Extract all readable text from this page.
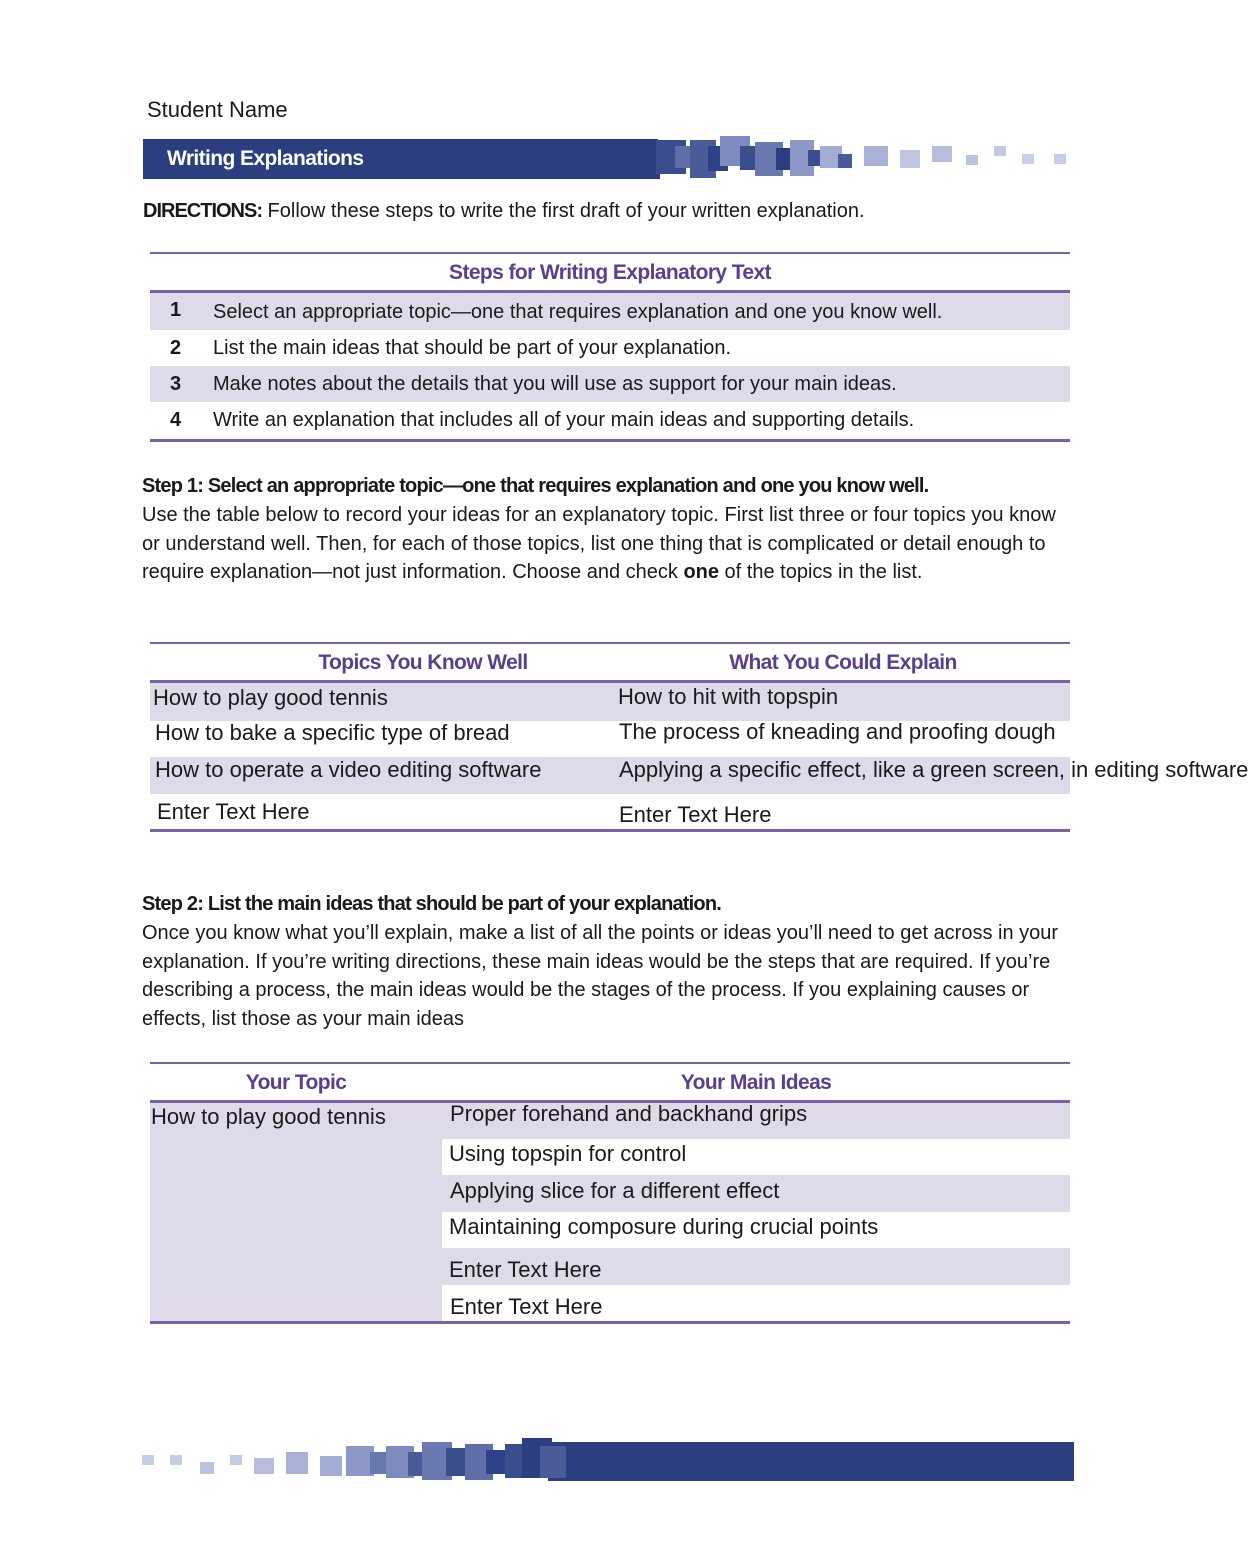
Student Name
Writing Explanations
DIRECTIONS: Follow these steps to write the first draft of your written explanation.
Steps for Writing Explanatory Text
1 Select an appropriate topic—one that requires explanation and one you know well.
2 List the main ideas that should be part of your explanation.
3 Make notes about the details that you will use as support for your main ideas.
4 Write an explanation that includes all of your main ideas and supporting details.
Step 1: Select an appropriate topic—one that requires explanation and one you know well.
Use the table below to record your ideas for an explanatory topic. First list three or four topics you know or understand well. Then, for each of those topics, list one thing that is complicated or detail enough to require explanation—not just information. Choose and check one of the topics in the list.
Topics You Know Well	What You Could Explain
How to play good tennis	How to hit with topspin
How to bake a specific type of bread	The process of kneading and proofing dough
How to operate a video editing software	Applying a specific effect, like a green screen, in editing software
Enter Text Here	Enter Text Here
Step 2: List the main ideas that should be part of your explanation.
Once you know what you’ll explain, make a list of all the points or ideas you’ll need to get across in your explanation. If you’re writing directions, these main ideas would be the steps that are required. If you’re describing a process, the main ideas would be the stages of the process. If you explaining causes or effects, list those as your main ideas
Your Topic	Your Main Ideas
How to play good tennis	Proper forehand and backhand grips
Using topspin for control
Applying slice for a different effect
Maintaining composure during crucial points
Enter Text Here
Enter Text Here
